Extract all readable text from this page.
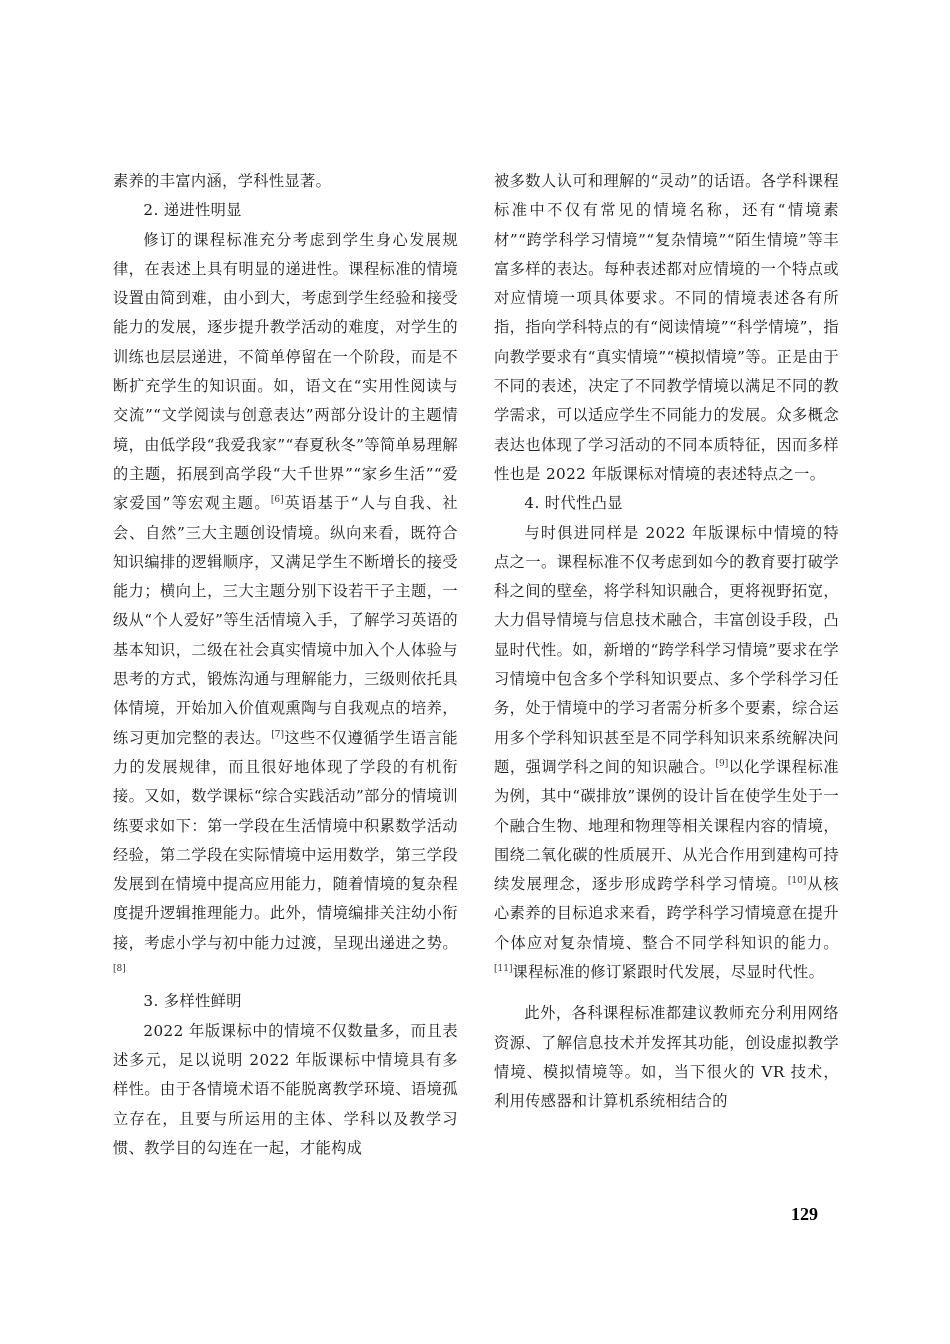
素养的丰富内涵，学科性显著。

2. 递进性明显

修订的课程标准充分考虑到学生身心发展规律，在表述上具有明显的递进性。课程标准的情境设置由简到难，由小到大，考虑到学生经验和接受能力的发展，逐步提升教学活动的难度，对学生的训练也层层递进，不简单停留在一个阶段，而是不断扩充学生的知识面。如，语文在“实用性阅读与交流”“文学阅读与创意表达”两部分设计的主题情境，由低学段“我爱我家”“春夏秋冬”等简单易理解的主题，拓展到高学段“大千世界”“家乡生活”“爱家爱国”等宏观主题。[6]英语基于“人与自我、社会、自然”三大主题创设情境。纵向来看，既符合知识编排的逻辑顺序，又满足学生不断增长的接受能力；横向上，三大主题分别下设若干子主题，一级从“个人爱好”等生活情境入手，了解学习英语的基本知识，二级在社会真实情境中加入个人体验与思考的方式，锻炼沟通与理解能力，三级则依托具体情境，开始加入价值观熏陶与自我观点的培养，练习更加完整的表达。[7]这些不仅遵循学生语言能力的发展规律，而且很好地体现了学段的有机衔接。又如，数学课标“综合实践活动”部分的情境训练要求如下：第一学段在生活情境中积累数学活动经验，第二学段在实际情境中运用数学，第三学段发展到在情境中提高应用能力，随着情境的复杂程度提升逻辑推理能力。此外，情境编排关注幼小衔接，考虑小学与初中能力过渡，呈现出递进之势。[8]

3. 多样性鲜明

2022 年版课标中的情境不仅数量多，而且表述多元，足以说明 2022 年版课标中情境具有多样性。由于各情境术语不能脱离教学环境、语境孤立存在，且要与所运用的主体、学科以及教学习惯、教学目的勾连在一起，才能构成

被多数人认可和理解的“灵动”的话语。各学科课程标准中不仅有常见的情境名称，还有“情境素材”“跨学科学习情境”“复杂情境”“陌生情境”等丰富多样的表达。每种表述都对应情境的一个特点或对应情境一项具体要求。不同的情境表述各有所指，指向学科特点的有“阅读情境”“科学情境”，指向教学要求有“真实情境”“模拟情境”等。正是由于不同的表述，决定了不同教学情境以满足不同的教学需求，可以适应学生不同能力的发展。众多概念表达也体现了学习活动的不同本质特征，因而多样性也是 2022 年版课标对情境的表述特点之一。

4. 时代性凸显

与时俱进同样是 2022 年版课标中情境的特点之一。课程标准不仅考虑到如今的教育要打破学科之间的壁垒，将学科知识融合，更将视野拓宽，大力倡导情境与信息技术融合，丰富创设手段，凸显时代性。如，新增的“跨学科学习情境”要求在学习情境中包含多个学科知识要点、多个学科学习任务，处于情境中的学习者需分析多个要素，综合运用多个学科知识甚至是不同学科知识来系统解决问题，强调学科之间的知识融合。[9]以化学课程标准为例，其中“碳排放”课例的设计旨在使学生处于一个融合生物、地理和物理等相关课程内容的情境，围绕二氧化碳的性质展开、从光合作用到建构可持续发展理念，逐步形成跨学科学习情境。[10]从核心素养的目标追求来看，跨学科学习情境意在提升个体应对复杂情境、整合不同学科知识的能力。[11]课程标准的修订紧跟时代发展，尽显时代性。

此外，各科课程标准都建议教师充分利用网络资源、了解信息技术并发挥其功能，创设虚拟教学情境、模拟情境等。如，当下很火的 VR 技术，利用传感器和计算机系统相结合的

129
